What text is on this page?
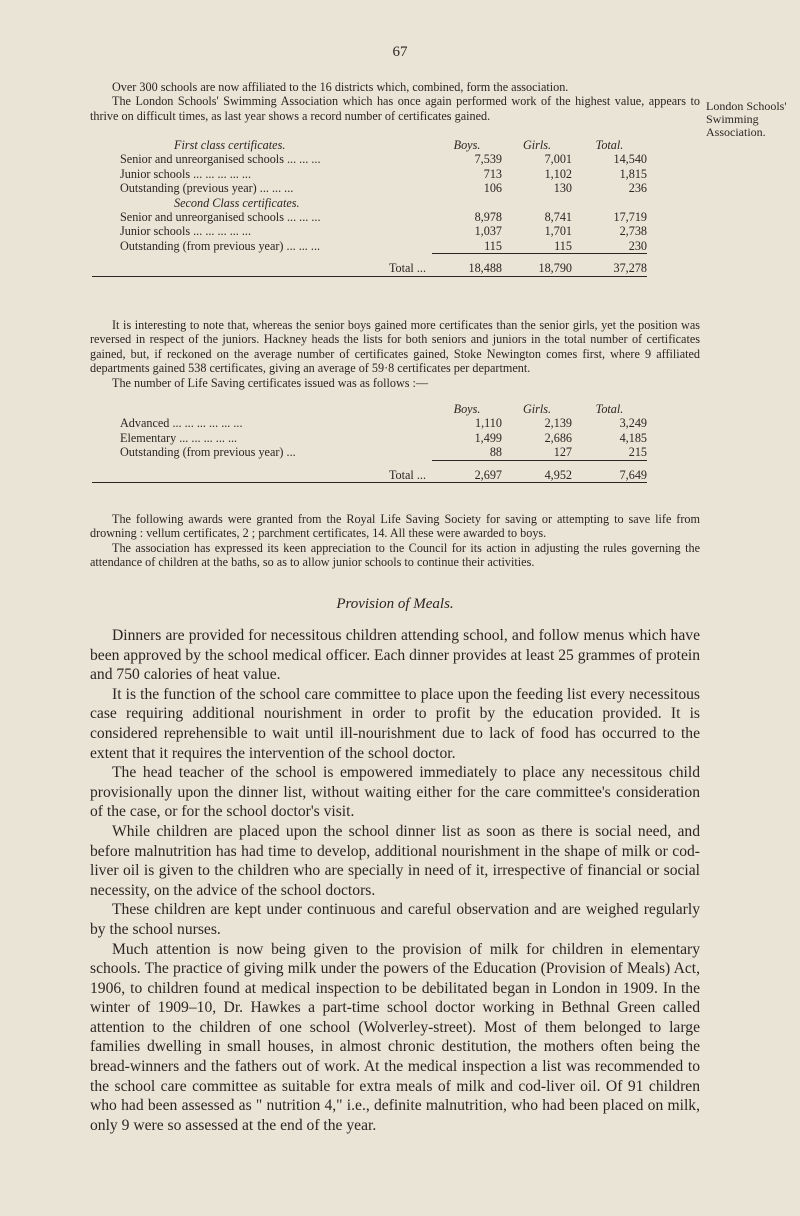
67
London Schools' Swimming Association.

Over 300 schools are now affiliated to the 16 districts which, combined, form the association.

The London Schools' Swimming Association which has once again performed work of the highest value, appears to thrive on difficult times, as last year shows a record number of certificates gained.

First class certificates.	Boys.	Girls.	Total.
Senior and unreorganised schools ... ... ...	7,539	7,001	14,540
Junior schools ... ... ... ... ...	713	1,102	1,815
Outstanding (previous year) ... ... ...	106	130	236
Second Class certificates.			
Senior and unreorganised schools ... ... ...	8,978	8,741	17,719
Junior schools ... ... ... ... ...	1,037	1,701	2,738
Outstanding (from previous year) ... ... ...	115	115	230

Total ...	18,488	18,790	37,278

It is interesting to note that, whereas the senior boys gained more certificates than the senior girls, yet the position was reversed in respect of the juniors. Hackney heads the lists for both seniors and juniors in the total number of certificates gained, but, if reckoned on the average number of certificates gained, Stoke Newington comes first, where 9 affiliated departments gained 538 certificates, giving an average of 59·8 certificates per department.

The number of Life Saving certificates issued was as follows :—

	Boys.	Girls.	Total.
Advanced ... ... ... ... ... ...	1,110	2,139	3,249
Elementary ... ... ... ... ...	1,499	2,686	4,185
Outstanding (from previous year) ...	88	127	215

Total ...	2,697	4,952	7,649

The following awards were granted from the Royal Life Saving Society for saving or attempting to save life from drowning : vellum certificates, 2 ; parchment certificates, 14. All these were awarded to boys.

The association has expressed its keen appreciation to the Council for its action in adjusting the rules governing the attendance of children at the baths, so as to allow junior schools to continue their activities.

Provision of Meals.

Dinners are provided for necessitous children attending school, and follow menus which have been approved by the school medical officer. Each dinner provides at least 25 grammes of protein and 750 calories of heat value.

It is the function of the school care committee to place upon the feeding list every necessitous case requiring additional nourishment in order to profit by the education provided. It is considered reprehensible to wait until ill-nourishment due to lack of food has occurred to the extent that it requires the intervention of the school doctor.

The head teacher of the school is empowered immediately to place any necessitous child provisionally upon the dinner list, without waiting either for the care committee's consideration of the case, or for the school doctor's visit.

While children are placed upon the school dinner list as soon as there is social need, and before malnutrition has had time to develop, additional nourishment in the shape of milk or cod-liver oil is given to the children who are specially in need of it, irrespective of financial or social necessity, on the advice of the school doctors.

These children are kept under continuous and careful observation and are weighed regularly by the school nurses.

Much attention is now being given to the provision of milk for children in elementary schools. The practice of giving milk under the powers of the Education (Provision of Meals) Act, 1906, to children found at medical inspection to be debilitated began in London in 1909. In the winter of 1909–10, Dr. Hawkes a part-time school doctor working in Bethnal Green called attention to the children of one school (Wolverley-street). Most of them belonged to large families dwelling in small houses, in almost chronic destitution, the mothers often being the bread-winners and the fathers out of work. At the medical inspection a list was recommended to the school care committee as suitable for extra meals of milk and cod-liver oil. Of 91 children who had been assessed as " nutrition 4," i.e., definite malnutrition, who had been placed on milk, only 9 were so assessed at the end of the year.
